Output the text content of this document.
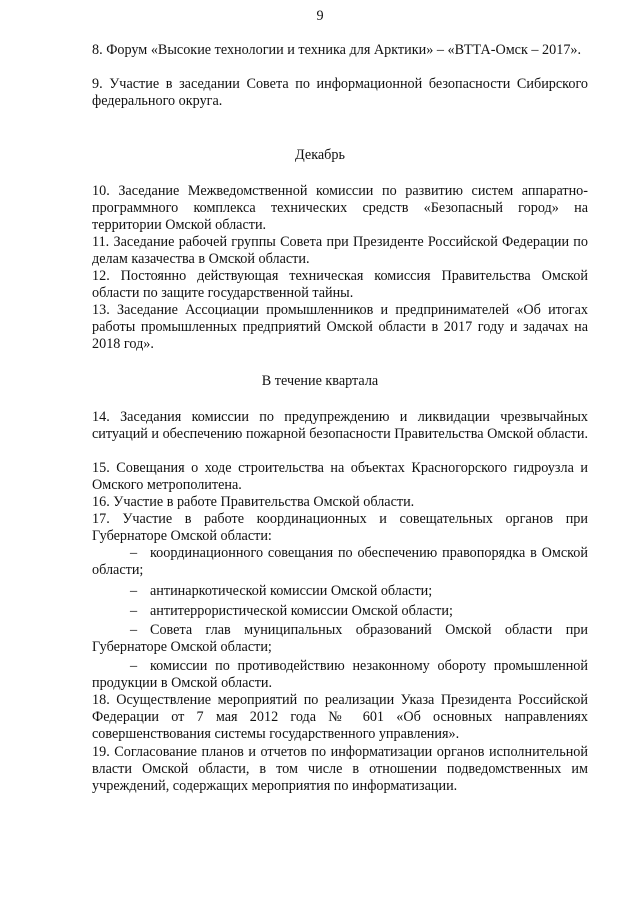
9
8. Форум «Высокие технологии и техника для Арктики» – «ВТТА-Омск – 2017».
9. Участие в заседании Совета по информационной безопасности Сибирского федерального округа.
Декабрь
10. Заседание Межведомственной комиссии по развитию систем аппаратно-программного комплекса технических средств «Безопасный город» на территории Омской области.
11. Заседание рабочей группы Совета при Президенте Российской Федерации по делам казачества в Омской области.
12. Постоянно действующая техническая комиссия Правительства Омской области по защите государственной тайны.
13. Заседание Ассоциации промышленников и предпринимателей «Об итогах работы промышленных предприятий Омской области в 2017 году и задачах на 2018 год».
В течение квартала
14. Заседания комиссии по предупреждению и ликвидации чрезвычайных ситуаций и обеспечению пожарной безопасности Правительства Омской области.
15. Совещания о ходе строительства на объектах Красногорского гидроузла и Омского метрополитена.
16. Участие в работе Правительства Омской области.
17. Участие в работе координационных и совещательных органов при Губернаторе Омской области:
– координационного совещания по обеспечению правопорядка в Омской области;
– антинаркотической комиссии Омской области;
– антитеррористической комиссии Омской области;
– Совета глав муниципальных образований Омской области при Губернаторе Омской области;
– комиссии по противодействию незаконному обороту промышленной продукции в Омской области.
18. Осуществление мероприятий по реализации Указа Президента Российской Федерации от 7 мая 2012 года № 601 «Об основных направлениях совершенствования системы государственного управления».
19. Согласование планов и отчетов по информатизации органов исполнительной власти Омской области, в том числе в отношении подведомственных им учреждений, содержащих мероприятия по информатизации.
